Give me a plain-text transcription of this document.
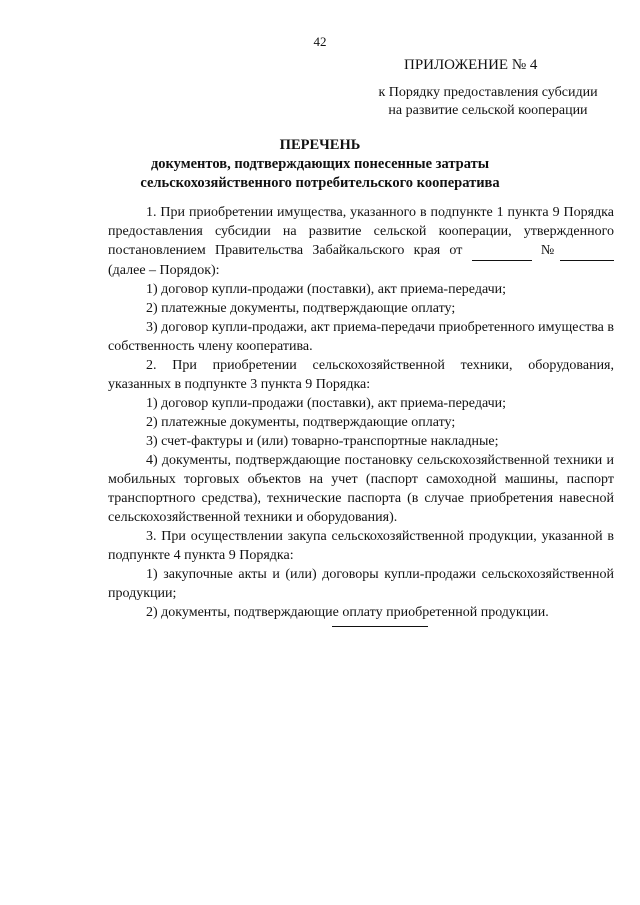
42
ПРИЛОЖЕНИЕ № 4
к Порядку предоставления субсидии
на развитие сельской кооперации
ПЕРЕЧЕНЬ
документов, подтверждающих понесенные затраты
сельскохозяйственного потребительского кооператива

1. При приобретении имущества, указанного в подпункте 1 пункта 9 Порядка предоставления субсидии на развитие сельской кооперации, утвержденного постановлением Правительства Забайкальского края от	№ (далее – Порядок):

1) договор купли-продажи (поставки), акт приема-передачи;

2) платежные документы, подтверждающие оплату;

3) договор купли-продажи, акт приема-передачи приобретенного имущества в собственность члену кооператива.

2. При приобретении сельскохозяйственной техники, оборудования, указанных в подпункте 3 пункта 9 Порядка:

1) договор купли-продажи (поставки), акт приема-передачи;

2) платежные документы, подтверждающие оплату;

3) счет-фактуры и (или) товарно-транспортные накладные;

4) документы, подтверждающие постановку сельскохозяйственной техники и мобильных торговых объектов на учет (паспорт самоходной машины, паспорт транспортного средства), технические паспорта (в случае приобретения навесной сельскохозяйственной техники и оборудования).

3. При осуществлении закупа сельскохозяйственной продукции, указанной в подпункте 4 пункта 9 Порядка:

1) закупочные акты и (или) договоры купли-продажи сельскохозяйственной продукции;

2) документы, подтверждающие оплату приобретенной продукции.
